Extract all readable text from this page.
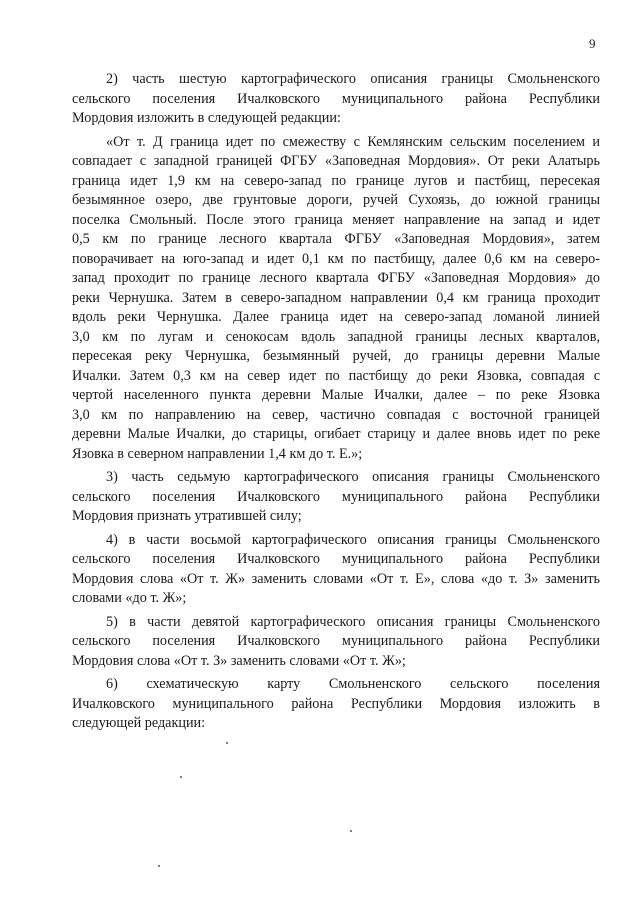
9
2) часть шестую картографического описания границы Смольненского
сельского поселения Ичалковского муниципального района Республики
Мордовия изложить в следующей редакции:
«От т. Д граница идет по смежеству с Кемлянским сельским поселением и
совпадает с западной границей ФГБУ «Заповедная Мордовия». От реки Алатырь
граница идет 1,9 км на северо-запад по границе лугов и пастбищ, пересекая
безымянное озеро, две грунтовые дороги, ручей Сухоязь, до южной границы
поселка Смольный. После этого граница меняет направление на запад и идет
0,5 км по границе лесного квартала ФГБУ «Заповедная Мордовия», затем
поворачивает на юго-запад и идет 0,1 км по пастбищу, далее 0,6 км на северо-
запад проходит по границе лесного квартала ФГБУ «Заповедная Мордовия» до
реки Чернушка. Затем в северо-западном направлении 0,4 км граница проходит
вдоль реки Чернушка. Далее граница идет на северо-запад ломаной линией
3,0 км по лугам и сенокосам вдоль западной границы лесных кварталов,
пересекая реку Чернушка, безымянный ручей, до границы деревни Малые
Ичалки. Затем 0,3 км на север идет по пастбищу до реки Язовка, совпадая с
чертой населенного пункта деревни Малые Ичалки, далее – по реке Язовка
3,0 км по направлению на север, частично совпадая с восточной границей
деревни Малые Ичалки, до старицы, огибает старицу и далее вновь идет по реке
Язовка в северном направлении 1,4 км до т. Е.»;
3) часть седьмую картографического описания границы Смольненского
сельского поселения Ичалковского муниципального района Республики
Мордовия признать утратившей силу;
4) в части восьмой картографического описания границы Смольненского
сельского поселения Ичалковского муниципального района Республики
Мордовия слова «От т. Ж» заменить словами «От т. Е», слова «до т. З» заменить
словами «до т. Ж»;
5) в части девятой картографического описания границы Смольненского
сельского поселения Ичалковского муниципального района Республики
Мордовия слова «От т. З» заменить словами «От т. Ж»;
6) схематическую карту Смольненского сельского поселения
Ичалковского муниципального района Республики Мордовия изложить в
следующей редакции:
